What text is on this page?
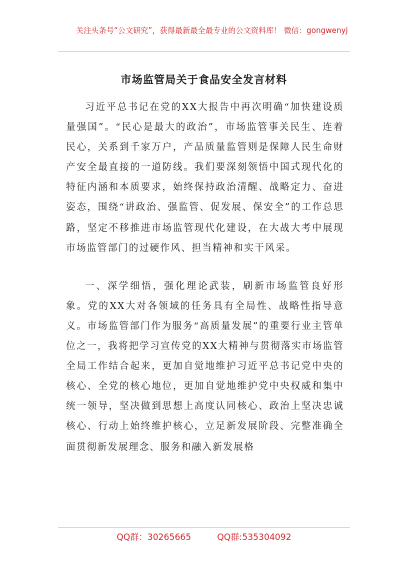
关注头条号“公文研究”，获得最新最全最专业的公文资料库！ 微信：gongwenyj
市场监管局关于食品安全发言材料

习近平总书记在党的XX大报告中再次明确“加快建设质量强国”。“民心是最大的政治”，市场监管事关民生、连着民心，关系到千家万户，产品质量监管则是保障人民生命财产安全最直接的一道防线。我们要深刻领悟中国式现代化的特征内涵和本质要求，始终保持政治清醒、战略定力、奋进姿态，围绕“讲政治、强监管、促发展、保安全”的工作总思路，坚定不移推进市场监管现代化建设，在大战大考中展现市场监管部门的过硬作风、担当精神和实干风采。

一、深学细悟，强化理论武装，刷新市场监管良好形象。党的XX大对各领域的任务具有全局性、战略性指导意义。市场监管部门作为服务“高质量发展”的重要行业主管单位之一，我将把学习宣传党的XX大精神与贯彻落实市场监管全局工作结合起来，更加自觉地维护习近平总书记党中央的核心、全党的核心地位，更加自觉地维护党中央权威和集中统一领导，坚决做到思想上高度认同核心、政治上坚决忠诚核心、行动上始终维护核心，立足新发展阶段、完整准确全面贯彻新发展理念、服务和融入新发展格

QQ群：30265665	QQ群:535304092
